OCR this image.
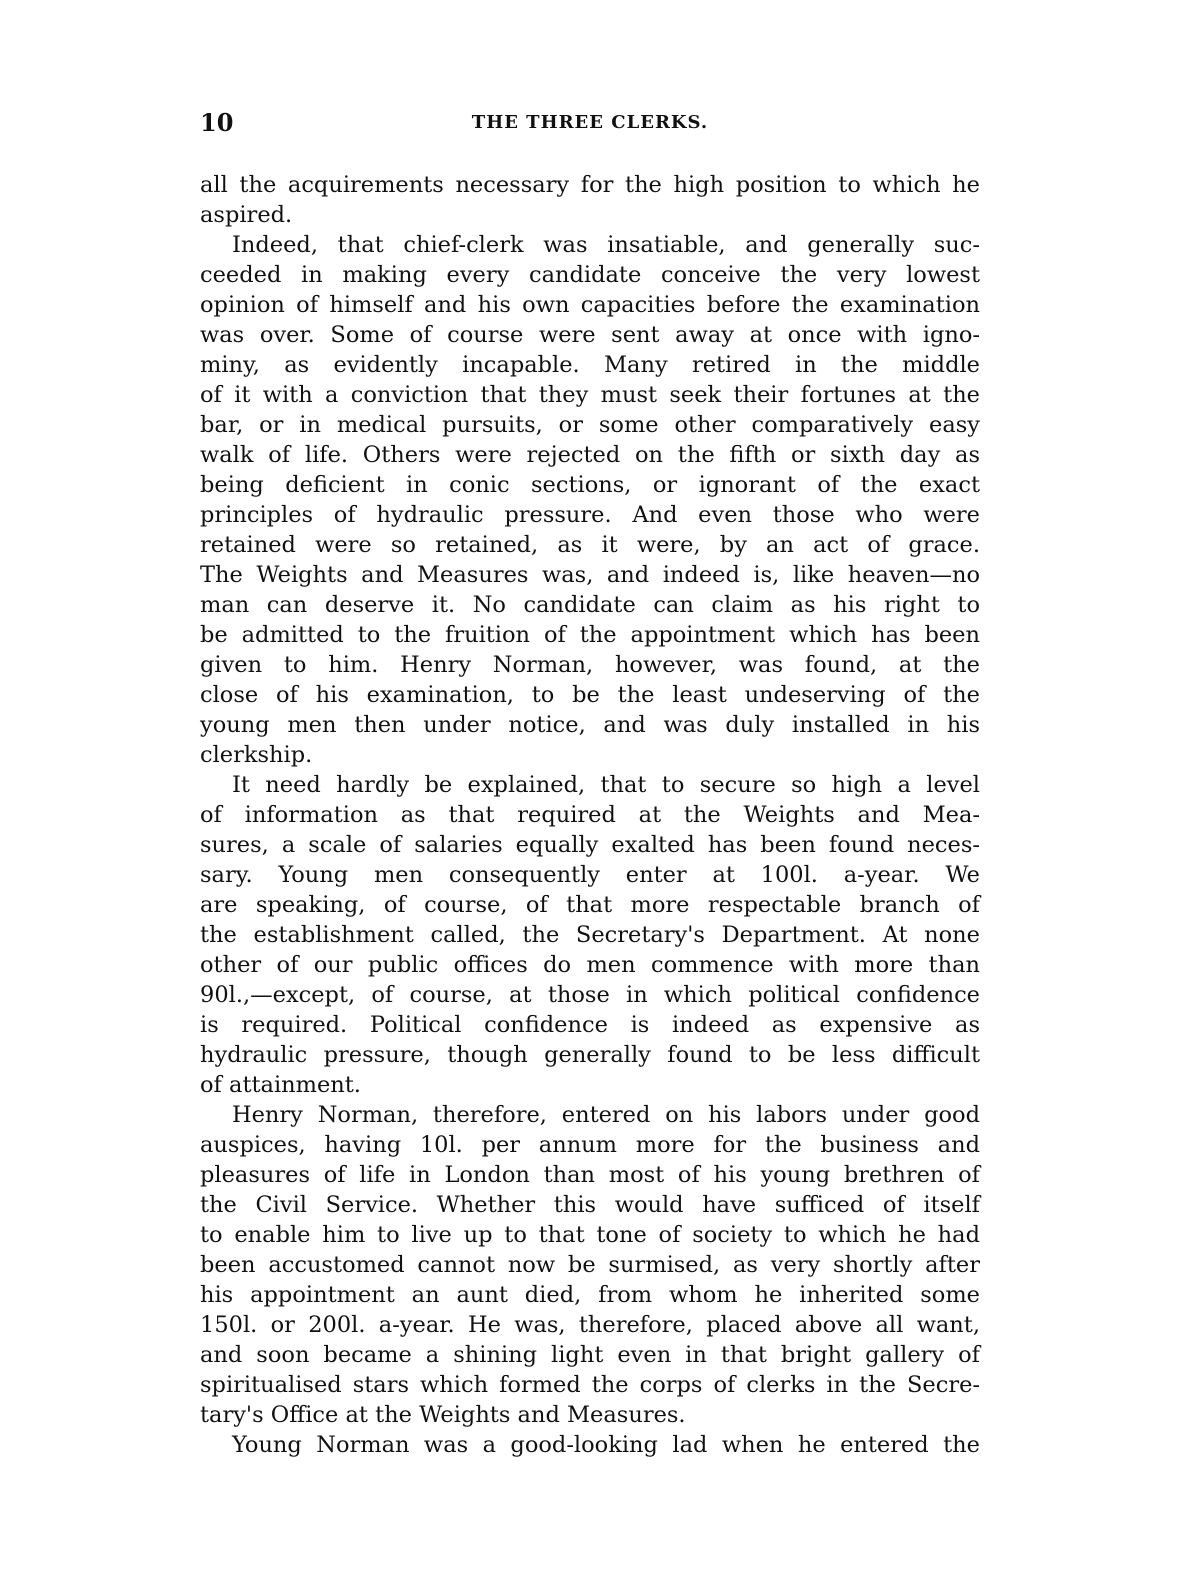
10	THE THREE CLERKS.
all the acquirements necessary for the high position to which he
aspired.
Indeed, that chief-clerk was insatiable, and generally suc-
ceeded in making every candidate conceive the very lowest
opinion of himself and his own capacities before the examination
was over. Some of course were sent away at once with igno-
miny, as evidently incapable. Many retired in the middle
of it with a conviction that they must seek their fortunes at the
bar, or in medical pursuits, or some other comparatively easy
walk of life. Others were rejected on the fifth or sixth day as
being deficient in conic sections, or ignorant of the exact
principles of hydraulic pressure. And even those who were
retained were so retained, as it were, by an act of grace.
The Weights and Measures was, and indeed is, like heaven—no
man can deserve it. No candidate can claim as his right to
be admitted to the fruition of the appointment which has been
given to him. Henry Norman, however, was found, at the
close of his examination, to be the least undeserving of the
young men then under notice, and was duly installed in his
clerkship.
It need hardly be explained, that to secure so high a level
of information as that required at the Weights and Mea-
sures, a scale of salaries equally exalted has been found neces-
sary. Young men consequently enter at 100l. a-year. We
are speaking, of course, of that more respectable branch of
the establishment called, the Secretary's Department. At none
other of our public offices do men commence with more than
90l.,—except, of course, at those in which political confidence
is required. Political confidence is indeed as expensive as
hydraulic pressure, though generally found to be less difficult
of attainment.
Henry Norman, therefore, entered on his labors under good
auspices, having 10l. per annum more for the business and
pleasures of life in London than most of his young brethren of
the Civil Service. Whether this would have sufficed of itself
to enable him to live up to that tone of society to which he had
been accustomed cannot now be surmised, as very shortly after
his appointment an aunt died, from whom he inherited some
150l. or 200l. a-year. He was, therefore, placed above all want,
and soon became a shining light even in that bright gallery of
spiritualised stars which formed the corps of clerks in the Secre-
tary's Office at the Weights and Measures.
Young Norman was a good-looking lad when he entered the
